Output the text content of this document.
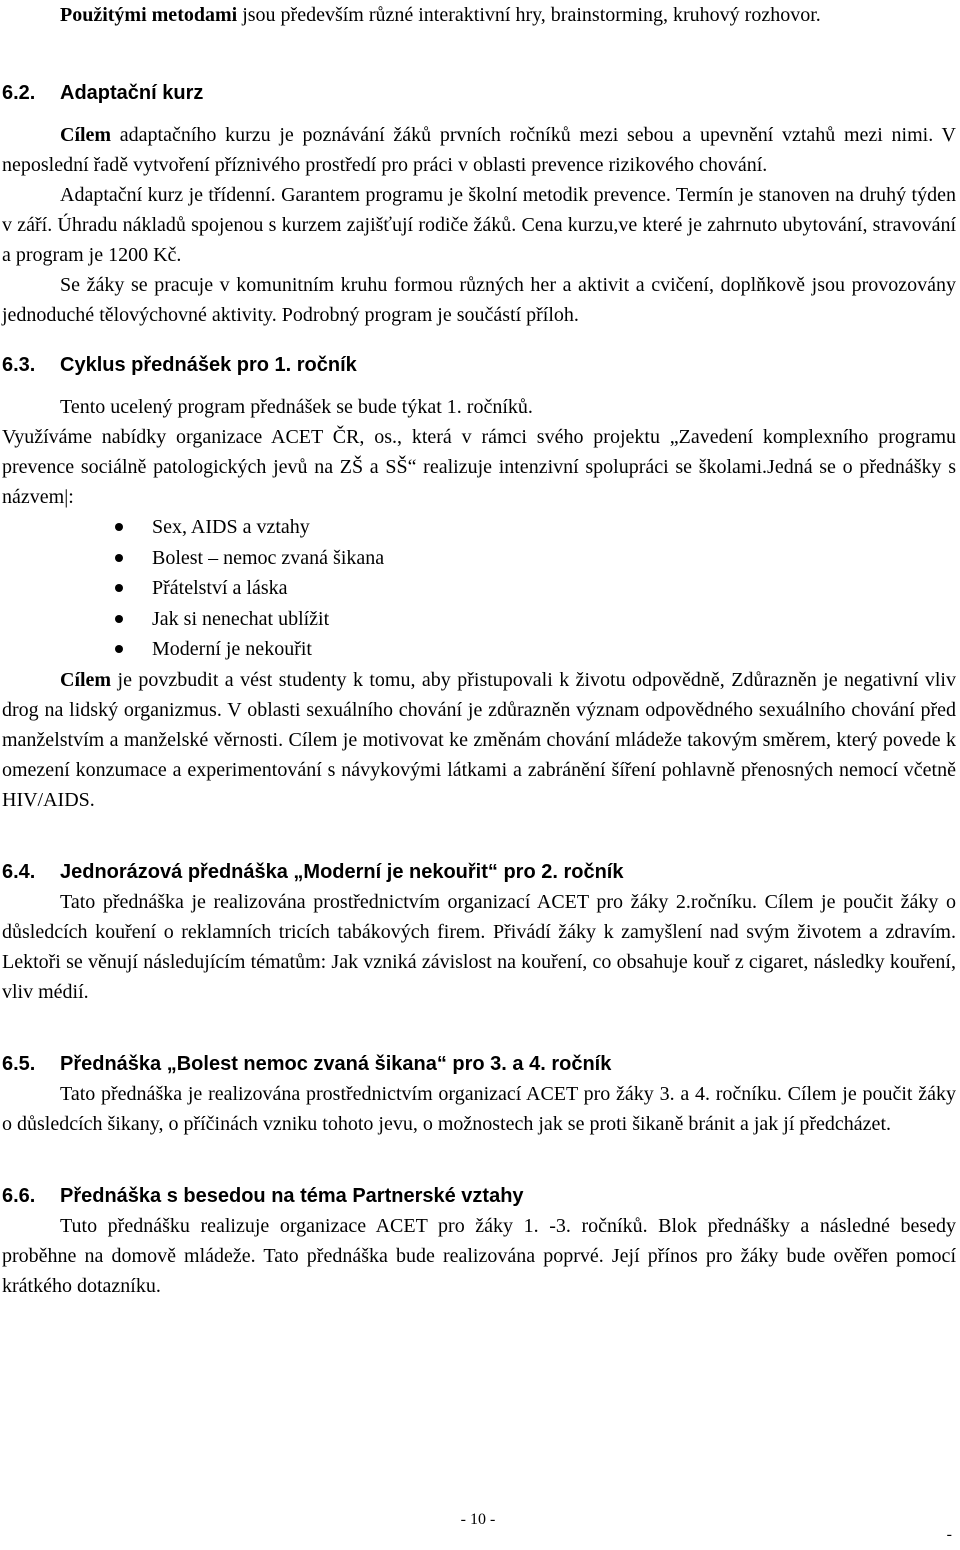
Použitými metodami jsou především různé interaktivní hry, brainstorming, kruhový rozhovor.

6.2. Adaptační kurz

Cílem adaptačního kurzu je poznávání žáků prvních ročníků mezi sebou a upevnění vztahů mezi nimi. V neposlední řadě vytvoření příznivého prostředí pro práci v oblasti prevence rizikového chování.

Adaptační kurz je třídenní. Garantem programu je školní metodik prevence. Termín je stanoven na druhý týden v září. Úhradu nákladů spojenou s kurzem zajišťují rodiče žáků. Cena kurzu,ve které je zahrnuto ubytování, stravování a program je 1200 Kč.

Se žáky se pracuje v komunitním kruhu formou různých her a aktivit a cvičení, doplňkově jsou provozovány jednoduché tělovýchovné aktivity. Podrobný program je součástí příloh.

6.3. Cyklus přednášek pro 1. ročník

Tento ucelený program přednášek se bude týkat 1. ročníků.

Využíváme nabídky organizace ACET ČR, os., která v rámci svého projektu „Zavedení komplexního programu prevence sociálně patologických jevů na ZŠ a SŠ“ realizuje intenzivní spolupráci se školami.Jedná se o přednášky s názvem|:

Sex, AIDS a vztahy
Bolest – nemoc zvaná šikana
Přátelství a láska
Jak si nenechat ublížit
Moderní je nekouřit

Cílem je povzbudit a vést studenty k tomu, aby přistupovali k životu odpovědně, Zdůrazněn je negativní vliv drog na lidský organizmus. V oblasti sexuálního chování je zdůrazněn význam odpovědného sexuálního chování před manželstvím a manželské věrnosti. Cílem je motivovat ke změnám chování mládeže takovým směrem, který povede k omezení konzumace a experimentování s návykovými látkami a zabránění šíření pohlavně přenosných nemocí včetně HIV/AIDS.

6.4. Jednorázová přednáška „Moderní je nekouřit“ pro 2. ročník

Tato přednáška je realizována prostřednictvím organizací ACET pro žáky 2.ročníku. Cílem je poučit žáky o důsledcích kouření o reklamních tricích tabákových firem. Přivádí žáky k zamyšlení nad svým životem a zdravím. Lektoři se věnují následujícím tématům: Jak vzniká závislost na kouření, co obsahuje kouř z cigaret, následky kouření, vliv médií.

6.5. Přednáška „Bolest nemoc zvaná šikana“ pro 3. a 4. ročník

Tato přednáška je realizována prostřednictvím organizací ACET pro žáky 3. a 4. ročníku. Cílem je poučit žáky o důsledcích šikany, o příčinách vzniku tohoto jevu, o možnostech jak se proti šikaně bránit a jak jí předcházet.

6.6. Přednáška s besedou na téma Partnerské vztahy

Tuto přednášku realizuje organizace ACET pro žáky 1. -3. ročníků. Blok přednášky a následné besedy proběhne na domově mládeže. Tato přednáška bude realizována poprvé. Její přínos pro žáky bude ověřen pomocí krátkého dotazníku.

- 10 -
-
